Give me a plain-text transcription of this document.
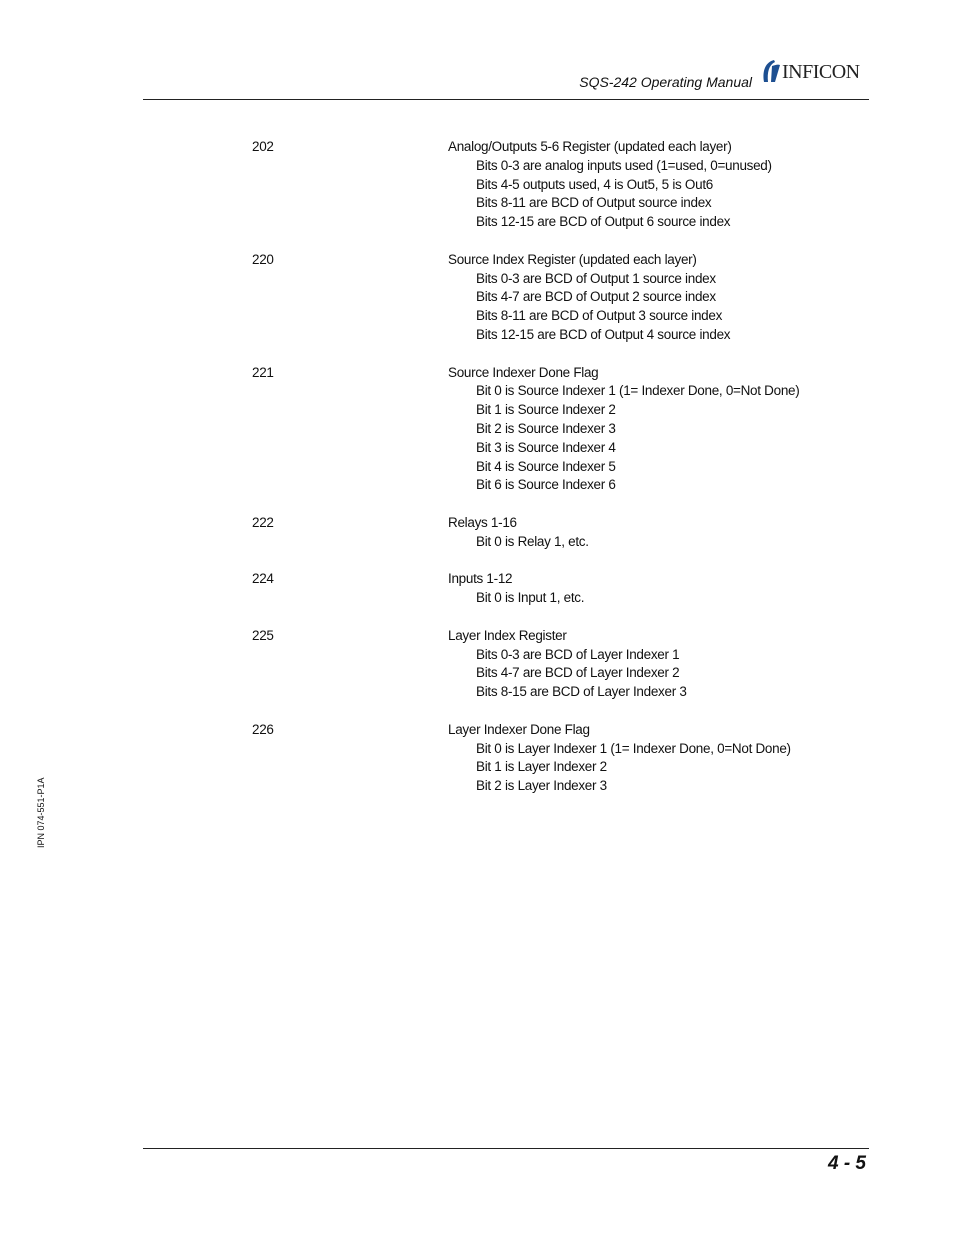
SQS-242 Operating Manual INFICON
202	Analog/Outputs 5-6 Register (updated each layer)
Bits 0-3 are analog inputs used (1=used, 0=unused)
Bits 4-5 outputs used, 4 is Out5, 5 is Out6
Bits 8-11 are BCD of Output source index
Bits 12-15 are BCD of Output 6 source index
220	Source Index Register (updated each layer)
Bits 0-3 are BCD of Output 1 source index
Bits 4-7 are BCD of Output 2 source index
Bits 8-11 are BCD of Output 3 source index
Bits 12-15 are BCD of Output 4 source index
221	Source Indexer Done Flag
Bit 0 is Source Indexer 1 (1= Indexer Done, 0=Not Done)
Bit 1 is Source Indexer 2
Bit 2 is Source Indexer 3
Bit 3 is Source Indexer 4
Bit 4 is Source Indexer 5
Bit 6 is Source Indexer 6
222	Relays 1-16
Bit 0 is Relay 1, etc.
224	Inputs 1-12
Bit 0 is Input 1, etc.
225	Layer Index Register
Bits 0-3 are BCD of Layer Indexer 1
Bits 4-7 are BCD of Layer Indexer 2
Bits 8-15 are BCD of Layer Indexer 3
226	Layer Indexer Done Flag
Bit 0 is Layer Indexer 1 (1= Indexer Done, 0=Not Done)
Bit 1 is Layer Indexer 2
Bit 2 is Layer Indexer 3
IPN 074-551-P1A
4 - 5
